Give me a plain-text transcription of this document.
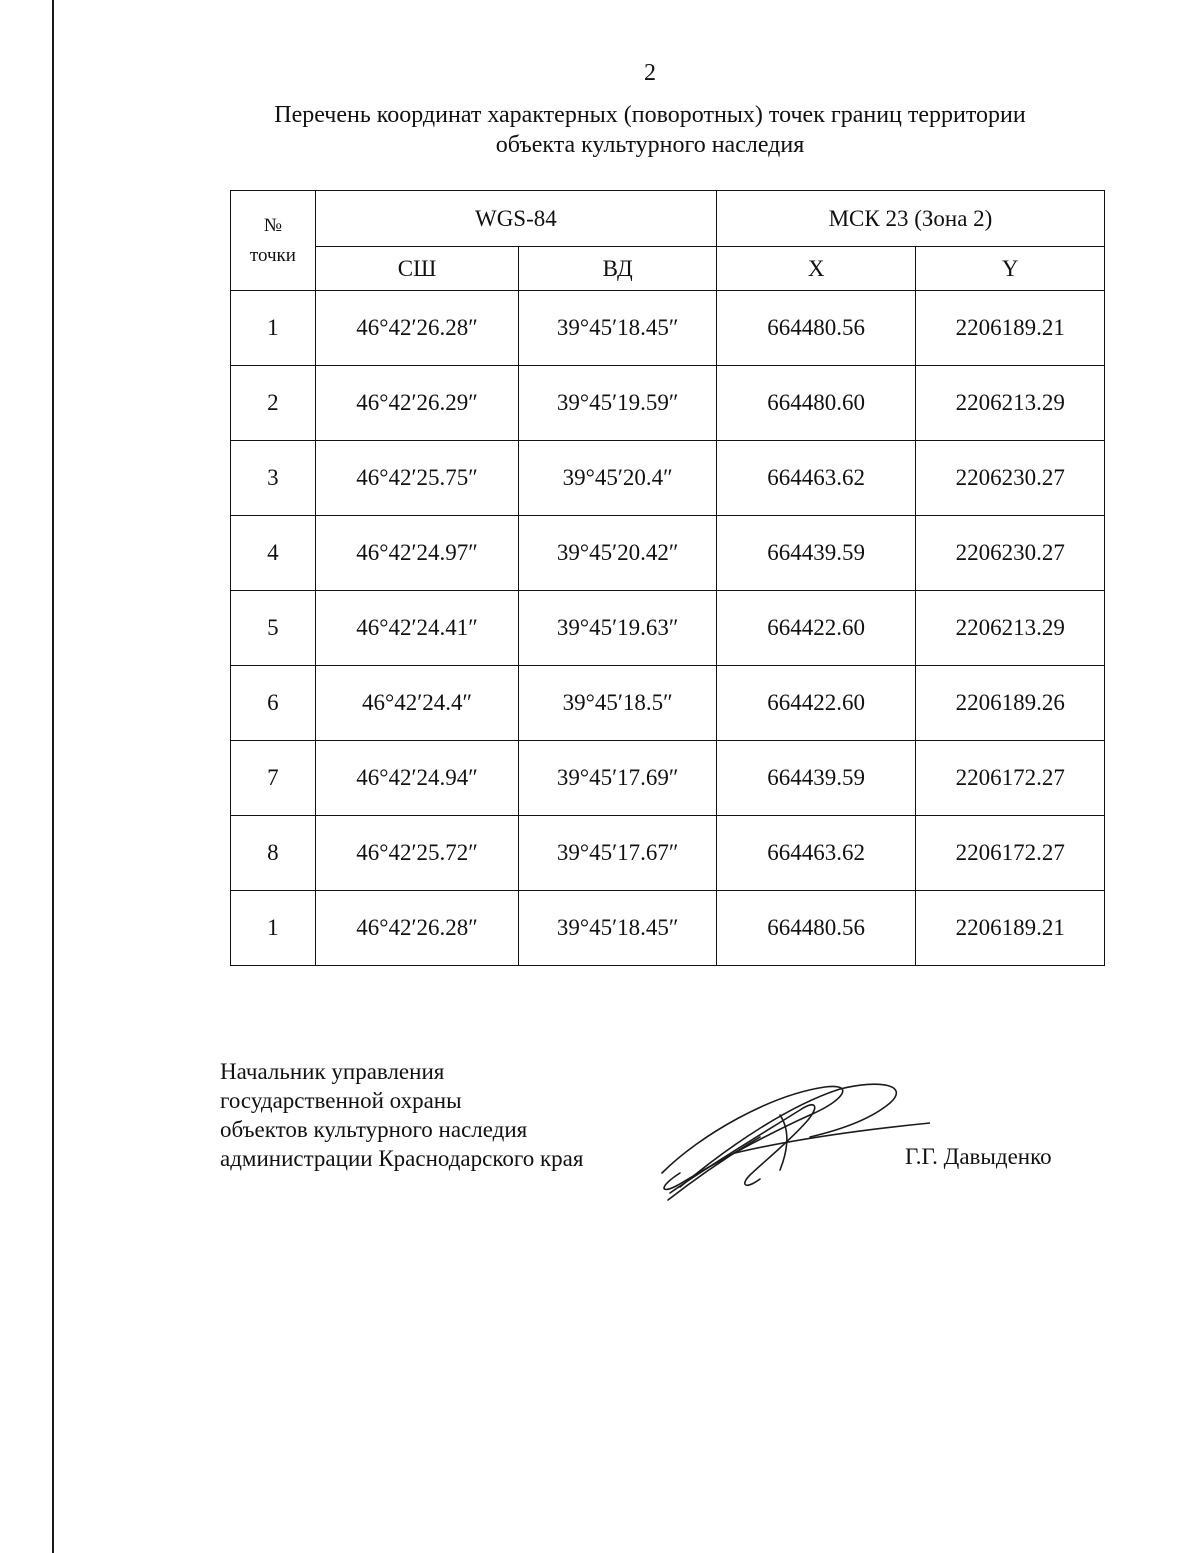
2
Перечень координат характерных (поворотных) точек границ территории
объекта культурного наследия
№
точки	WGS-84		МСК 23 (Зона 2)	
	СШ	ВД	X	Y
1	46°42′26.28″	39°45′18.45″	664480.56	2206189.21
2	46°42′26.29″	39°45′19.59″	664480.60	2206213.29
3	46°42′25.75″	39°45′20.4″	664463.62	2206230.27
4	46°42′24.97″	39°45′20.42″	664439.59	2206230.27
5	46°42′24.41″	39°45′19.63″	664422.60	2206213.29
6	46°42′24.4″	39°45′18.5″	664422.60	2206189.26
7	46°42′24.94″	39°45′17.69″	664439.59	2206172.27
8	46°42′25.72″	39°45′17.67″	664463.62	2206172.27
1	46°42′26.28″	39°45′18.45″	664480.56	2206189.21
Начальник управления
государственной охраны
объектов культурного наследия
администрации Краснодарского края	Г.Г. Давыденко
